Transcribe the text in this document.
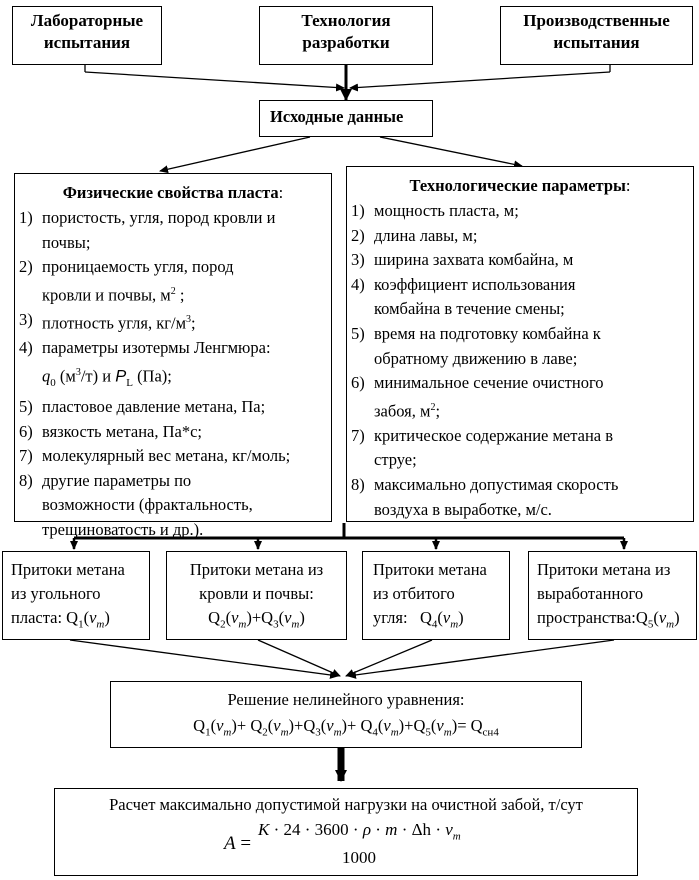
Лабораторные
испытания
Технология
разработки
Производственные
испытания
Исходные данные
Физические свойства пласта:
1) пористость, угля, пород кровли и
почвы;
2) проницаемость угля, пород
кровли и почвы, $м^2$ ;
3) плотность угля, $кг/м^3$;
4) параметры изотермы Ленгмюра:
$q_0$ $(м^3/т)$ и $P_L$ (Па);
5) пластовое давление метана, Па;
6) вязкость метана, Па*с;
7) молекулярный вес метана, кг/моль;
8) другие параметры по
возможности (фрактальность,
трещиноватость и др.).
Технологические параметры:
1) мощность пласта, м;
2) длина лавы, м;
3) ширина захвата комбайна, м
4) коэффициент использования
комбайна в течение смены;
5) время на подготовку комбайна к
обратному движению в лаве;
6) минимальное сечение очистного
забоя, $м^2$;
7) критическое содержание метана в
струе;
8) максимально допустимая скорость
воздуха в выработке, м/с.
Притоки метана
из угольного
пласта: $Q_1(v_m)$
Притоки метана из
кровли и почвы:
$Q_2(v_m)+Q_3(v_m)$
Притоки метана
из отбитого
угля:   $Q_4(v_m)$
Притоки метана из
выработанного
$пространства:Q_5(v_m)$
Решение нелинейного уравнения:
$Q_1(v_m)+ Q_2(v_m)+Q_3(v_m)+ Q_4(v_m)+Q_5(v_m)= Q_{сн4}$
Расчет максимально допустимой нагрузки на очистной забой, т/сут
A =
$K \cdot 24 \cdot 3600 \cdot \rho \cdot m \cdot \Delta h \cdot v_m$
1000
